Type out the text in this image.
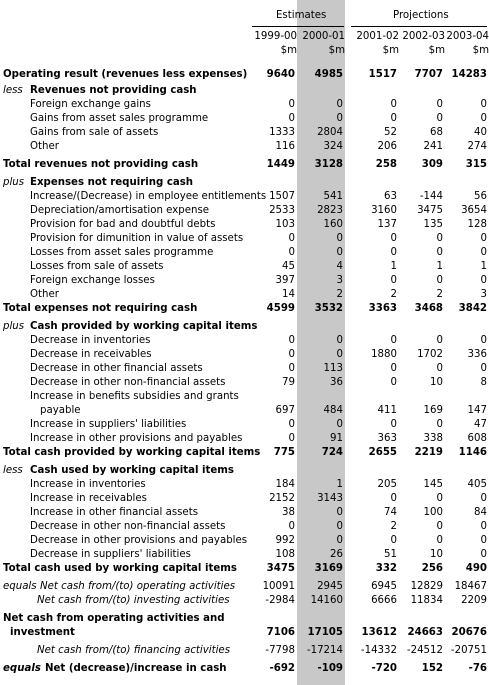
Estimates	Projections
1999-00 2000-01	2001-02 2002-03 2003-04
$m	$m	$m	$m	$m
Operating result (revenues less expenses)	9640	4985	1517	7707 14283
less Revenues not providing cash
Foreign exchange gains	0	0	0	0	0
Gains from asset sales programme	0	0	0	0	0
Gains from sale of assets	1333	2804	52	68	40
Other	116	324	206	241	274
Total revenues not providing cash	1449	3128	258	309	315
plus Expenses not requiring cash
Increase/(Decrease) in employee entitlements 1507	541	63	-144	56
Depreciation/amortisation expense	2533	2823	3160	3475	3654
Provision for bad and doubtful debts	103	160	137	135	128
Provision for dimunition in value of assets	0	0	0	0	0
Losses from asset sales programme	0	0	0	0	0
Losses from sale of assets	45	4	1	1	1
Foreign exchange losses	397	3	0	0	0
Other	14	2	2	2	3
Total expenses not requiring cash	4599	3532	3363	3468	3842
plus Cash provided by working capital items
Decrease in inventories	0	0	0	0	0
Decrease in receivables	0	0	1880	1702	336
Decrease in other financial assets	0	113	0	0	0
Decrease in other non-financial assets	79	36	0	10	8
Increase in benefits subsidies and grants
payable	697	484	411	169	147
Increase in suppliers' liabilities	0	0	0	0	47
Increase in other provisions and payables	0	91	363	338	608
Total cash provided by working capital items	775	724	2655	2219	1146
less Cash used by working capital items
Increase in inventories	184	1	205	145	405
Increase in receivables	2152	3143	0	0	0
Increase in other financial assets	38	0	74	100	84
Decrease in other non-financial assets	0	0	2	0	0
Decrease in other provisions and payables	992	0	0	0	0
Decrease in suppliers' liabilities	108	26	51	10	0
Total cash used by working capital items	3475	3169	332	256	490
equals Net cash from/(to) operating activities	10091	2945	6945	12829	18467
Net cash from/(to) investing activities	-2984	14160	6666	11834	2209
Net cash from operating activities and
investment	7106	17105	13612	24663 20676
Net cash from/(to) financing activities	-7798	-17214	-14332 -24512 -20751
equals Net (decrease)/increase in cash	-692	-109	-720	152	-76
